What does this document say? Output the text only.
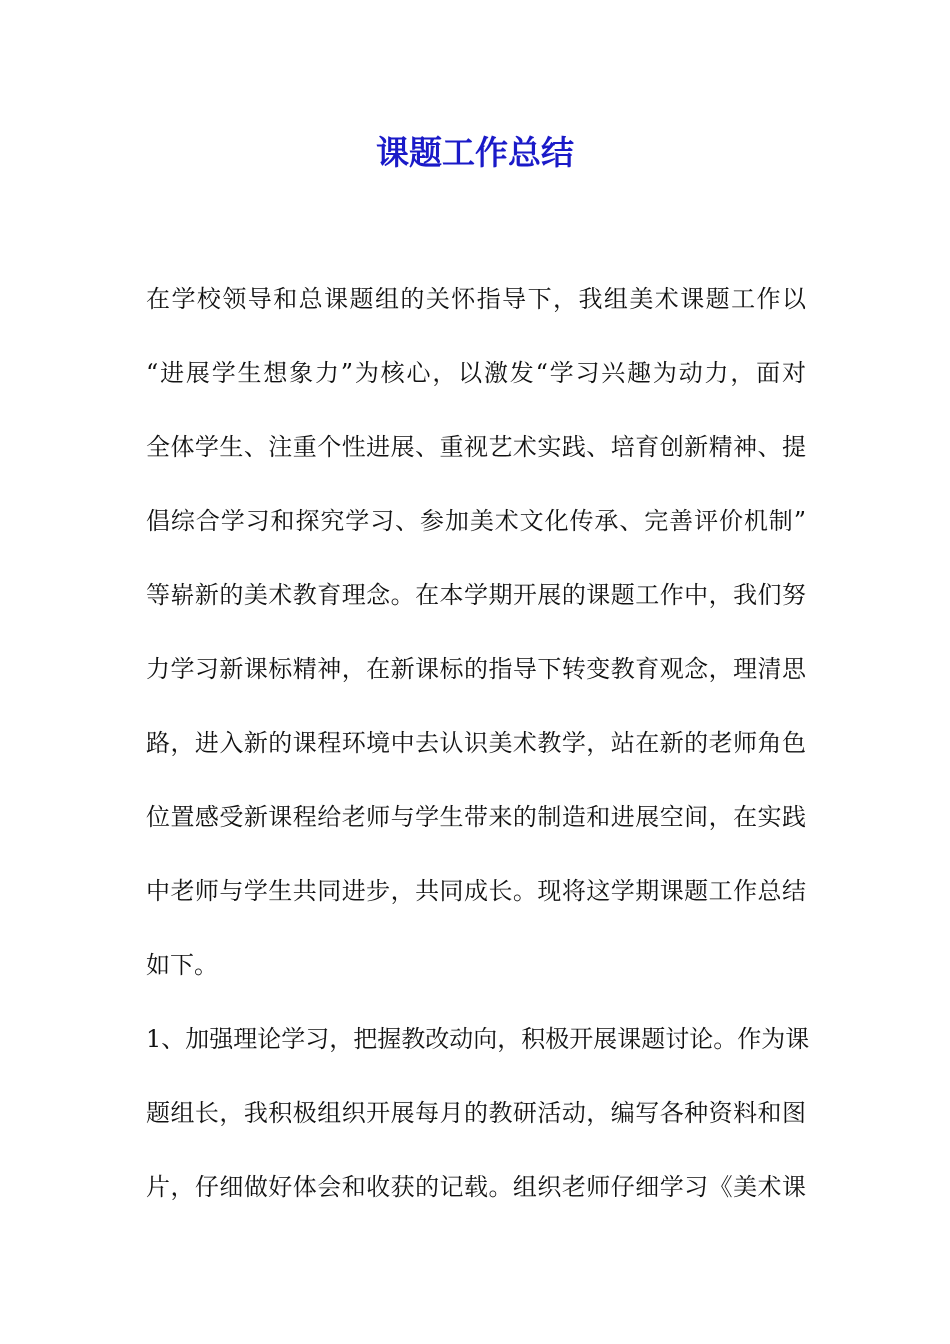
课题工作总结
在学校领导和总课题组的关怀指导下，我组美术课题工作以
“进展学生想象力”为核心，以激发“学习兴趣为动力，面对
全体学生、注重个性进展、重视艺术实践、培育创新精神、提
倡综合学习和探究学习、参加美术文化传承、完善评价机制”
等崭新的美术教育理念。在本学期开展的课题工作中，我们努
力学习新课标精神，在新课标的指导下转变教育观念，理清思
路，进入新的课程环境中去认识美术教学，站在新的老师角色
位置感受新课程给老师与学生带来的制造和进展空间，在实践
中老师与学生共同进步，共同成长。现将这学期课题工作总结
如下。
1、加强理论学习，把握教改动向，积极开展课题讨论。作为课
题组长，我积极组织开展每月的教研活动，编写各种资料和图
片，仔细做好体会和收获的记载。组织老师仔细学习《美术课
